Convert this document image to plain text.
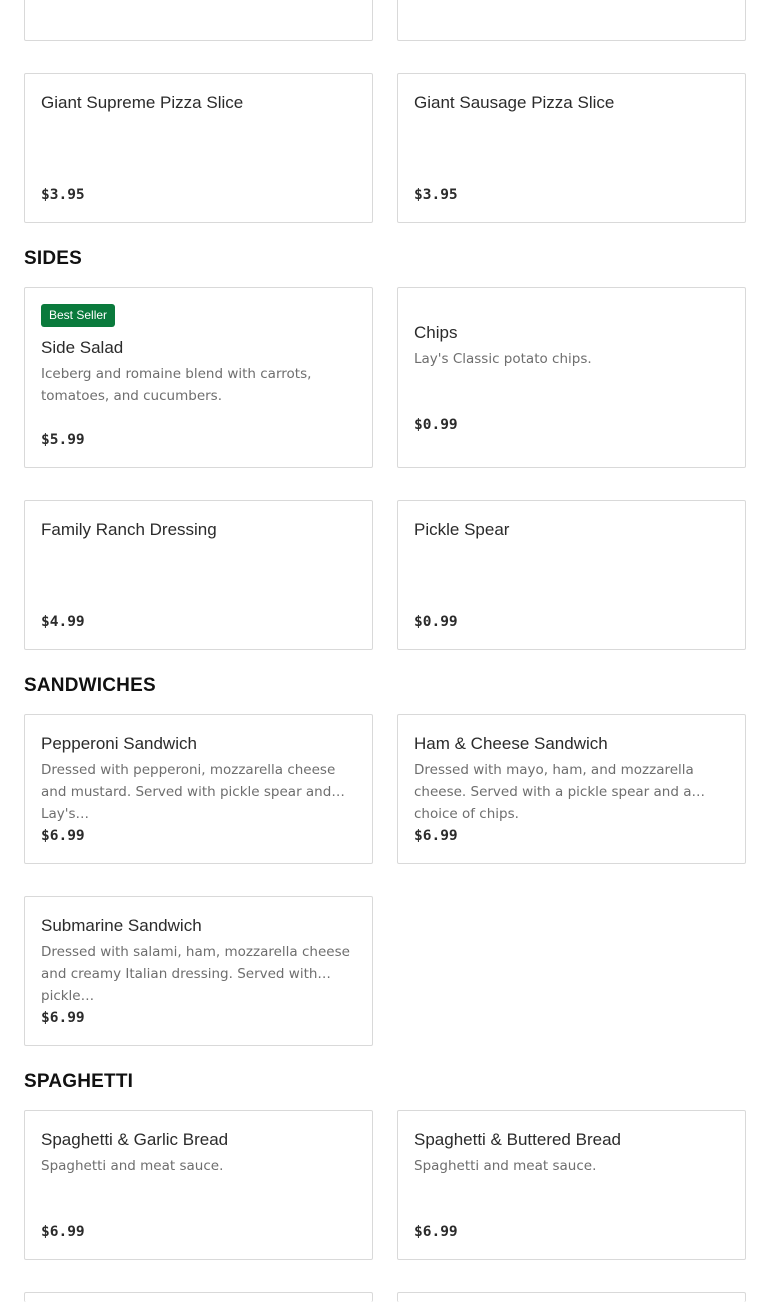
Giant Supreme Pizza Slice
$3.95
Giant Sausage Pizza Slice
$3.95
SIDES
Best Seller
Side Salad
Iceberg and romaine blend with carrots, tomatoes, and cucumbers.
$5.99
Chips
Lay's Classic potato chips.
$0.99
Family Ranch Dressing
$4.99
Pickle Spear
$0.99
SANDWICHES
Pepperoni Sandwich
Dressed with pepperoni, mozzarella cheese and mustard. Served with pickle spear and Lay's…
$6.99
Ham & Cheese Sandwich
Dressed with mayo, ham, and mozzarella cheese. Served with a pickle spear and a choice of chips.
$6.99
Submarine Sandwich
Dressed with salami, ham, mozzarella cheese and creamy Italian dressing. Served with pickle…
$6.99
SPAGHETTI
Spaghetti & Garlic Bread
Spaghetti and meat sauce.
$6.99
Spaghetti & Buttered Bread
Spaghetti and meat sauce.
$6.99
